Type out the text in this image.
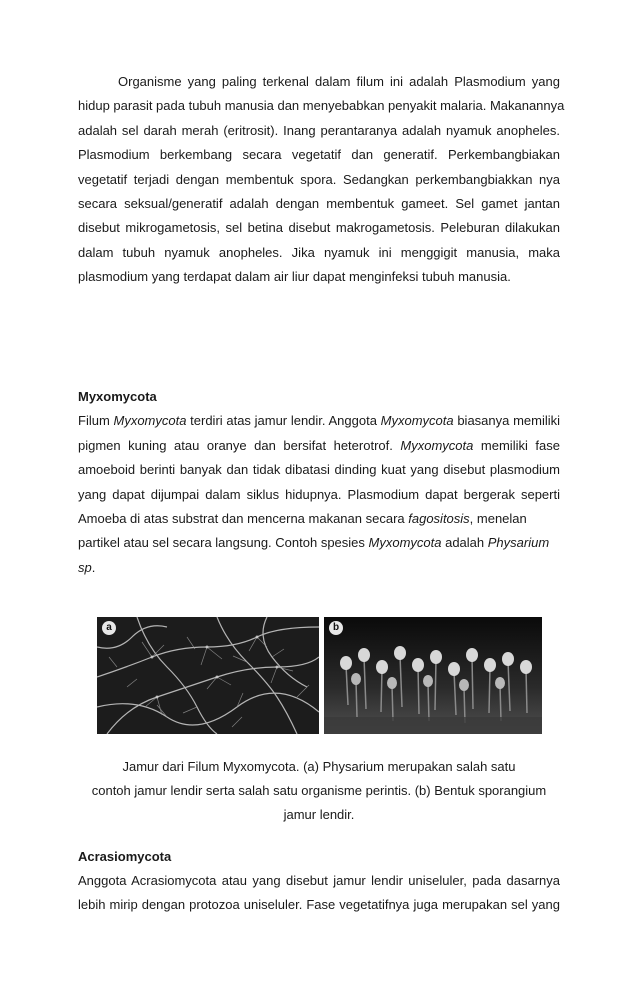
Organisme yang paling terkenal dalam filum ini adalah Plasmodium yang
hidup parasit pada tubuh manusia dan menyebabkan penyakit malaria. Makanannya
adalah sel darah merah (eritrosit). Inang perantaranya adalah nyamuk anopheles.
Plasmodium berkembang secara vegetatif dan generatif. Perkembangbiakan
vegetatif terjadi dengan membentuk spora. Sedangkan perkembangbiakkan nya
secara seksual/generatif adalah dengan membentuk gameet. Sel gamet jantan
disebut mikrogametosis, sel betina disebut makrogametosis. Peleburan dilakukan
dalam tubuh nyamuk anopheles. Jika nyamuk ini menggigit manusia, maka
plasmodium yang terdapat dalam air liur dapat menginfeksi tubuh manusia.
Myxomycota
Filum Myxomycota terdiri atas jamur lendir. Anggota Myxomycota biasanya memiliki
pigmen kuning atau oranye dan bersifat heterotrof. Myxomycota memiliki fase
amoeboid berinti banyak dan tidak dibatasi dinding kuat yang disebut plasmodium
yang dapat dijumpai dalam siklus hidupnya. Plasmodium dapat bergerak seperti
Amoeba di atas substrat dan mencerna makanan secara fagositosis, menelan
partikel atau sel secara langsung. Contoh spesies Myxomycota adalah Physarium
sp.
a	b
Jamur dari Filum Myxomycota. (a) Physarium merupakan salah satu
contoh jamur lendir serta salah satu organisme perintis. (b) Bentuk sporangium
jamur lendir.
Acrasiomycota
Anggota Acrasiomycota atau yang disebut jamur lendir uniseluler, pada dasarnya
lebih mirip dengan protozoa uniseluler. Fase vegetatifnya juga merupakan sel yang
